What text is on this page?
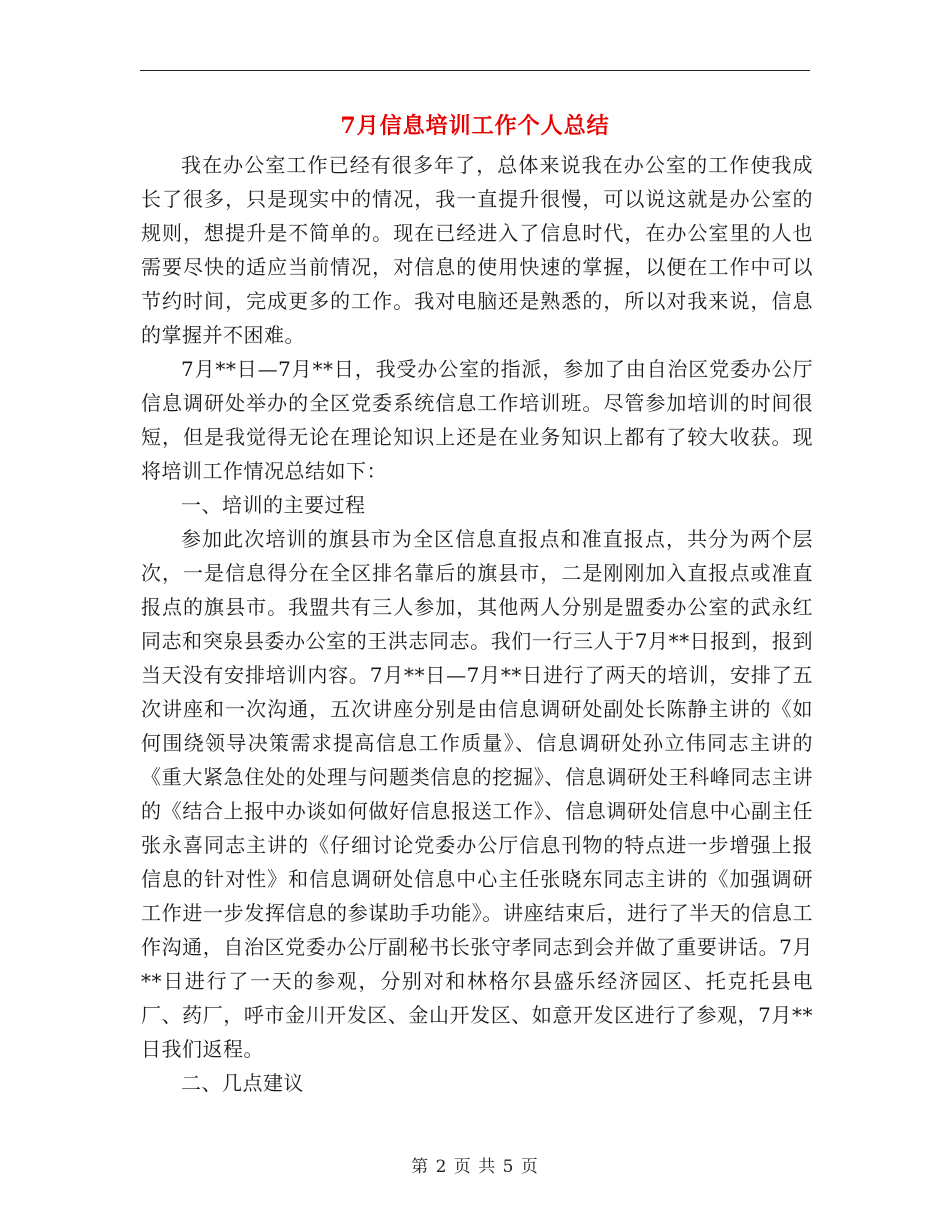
7月信息培训工作个人总结

我在办公室工作已经有很多年了，总体来说我在办公室的工作使我成长了很多，只是现实中的情况，我一直提升很慢，可以说这就是办公室的规则，想提升是不简单的。现在已经进入了信息时代，在办公室里的人也需要尽快的适应当前情况，对信息的使用快速的掌握，以便在工作中可以节约时间，完成更多的工作。我对电脑还是熟悉的，所以对我来说，信息的掌握并不困难。

7月**日—7月**日，我受办公室的指派，参加了由自治区党委办公厅信息调研处举办的全区党委系统信息工作培训班。尽管参加培训的时间很短，但是我觉得无论在理论知识上还是在业务知识上都有了较大收获。现将培训工作情况总结如下：

一、培训的主要过程

参加此次培训的旗县市为全区信息直报点和准直报点，共分为两个层次，一是信息得分在全区排名靠后的旗县市，二是刚刚加入直报点或准直报点的旗县市。我盟共有三人参加，其他两人分别是盟委办公室的武永红同志和突泉县委办公室的王洪志同志。我们一行三人于7月**日报到，报到当天没有安排培训内容。7月**日—7月**日进行了两天的培训，安排了五次讲座和一次沟通，五次讲座分别是由信息调研处副处长陈静主讲的《如何围绕领导决策需求提高信息工作质量》、信息调研处孙立伟同志主讲的《重大紧急住处的处理与问题类信息的挖掘》、信息调研处王科峰同志主讲的《结合上报中办谈如何做好信息报送工作》、信息调研处信息中心副主任张永喜同志主讲的《仔细讨论党委办公厅信息刊物的特点进一步增强上报信息的针对性》和信息调研处信息中心主任张晓东同志主讲的《加强调研工作进一步发挥信息的参谋助手功能》。讲座结束后，进行了半天的信息工作沟通，自治区党委办公厅副秘书长张守孝同志到会并做了重要讲话。7月**日进行了一天的参观，分别对和林格尔县盛乐经济园区、托克托县电厂、药厂，呼市金川开发区、金山开发区、如意开发区进行了参观，7月**日我们返程。

二、几点建议

第 2 页 共 5 页
